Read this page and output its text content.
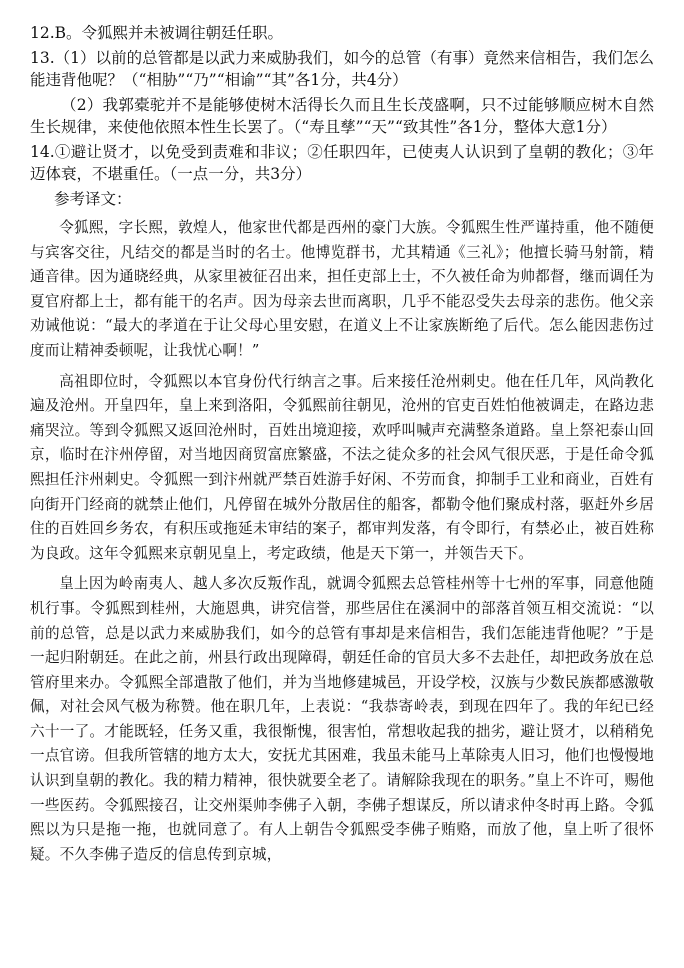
12.B。令狐熙并未被调往朝廷任职。

13.（1）以前的总管都是以武力来威胁我们，如今的总管（有事）竟然来信相告，我们怎么能违背他呢？（“相胁”“乃”“相谕”“其”各1分，共4分）

（2）我郭橐驼并不是能够使树木活得长久而且生长茂盛啊，只不过能够顺应树木自然生长规律，来使他依照本性生长罢了。（“寿且孳”“天”“致其性”各1分，整体大意1分）

14.①避让贤才，以免受到责难和非议；②任职四年，已使夷人认识到了皇朝的教化；③年迈体衰，不堪重任。（一点一分，共3分）

参考译文：

令狐熙，字长熙，敦煌人，他家世代都是西州的豪门大族。令狐熙生性严谨持重，他不随便与宾客交往，凡结交的都是当时的名士。他博览群书，尤其精通《三礼》；他擅长骑马射箭，精通音律。因为通晓经典，从家里被征召出来，担任吏部上士，不久被任命为帅都督，继而调任为夏官府都上士，都有能干的名声。因为母亲去世而离职，几乎不能忍受失去母亲的悲伤。他父亲劝诫他说：“最大的孝道在于让父母心里安慰，在道义上不让家族断绝了后代。怎么能因悲伤过度而让精神委顿呢，让我忧心啊！”

高祖即位时，令狐熙以本官身份代行纳言之事。后来接任沧州刺史。他在任几年，风尚教化遍及沧州。开皇四年，皇上来到洛阳，令狐熙前往朝见，沧州的官吏百姓怕他被调走，在路边悲痛哭泣。等到令狐熙又返回沧州时，百姓出境迎接，欢呼叫喊声充满整条道路。皇上祭祀泰山回京，临时在汴州停留，对当地因商贸富庶繁盛，不法之徒众多的社会风气很厌恶，于是任命令狐熙担任汴州刺史。令狐熙一到汴州就严禁百姓游手好闲、不劳而食，抑制手工业和商业，百姓有向街开门经商的就禁止他们，凡停留在城外分散居住的船客，都勒令他们聚成村落，驱赶外乡居住的百姓回乡务农，有积压或拖延未审结的案子，都审判发落，有令即行，有禁必止，被百姓称为良政。这年令狐熙来京朝见皇上，考定政绩，他是天下第一，并领告天下。

皇上因为岭南夷人、越人多次反叛作乱，就调令狐熙去总管桂州等十七州的军事，同意他随机行事。令狐熙到桂州，大施恩典，讲究信誉，那些居住在溪洞中的部落首领互相交流说：“以前的总管，总是以武力来威胁我们，如今的总管有事却是来信相告，我们怎能违背他呢？”于是一起归附朝廷。在此之前，州县行政出现障碍，朝廷任命的官员大多不去赴任，却把政务放在总管府里来办。令狐熙全部遣散了他们，并为当地修建城邑，开设学校，汉族与少数民族都感激敬佩，对社会风气极为称赞。他在职几年，上表说：“我恭寄岭表，到现在四年了。我的年纪已经六十一了。才能既轻，任务又重，我很惭愧，很害怕，常想收起我的拙劣，避让贤才，以稍稍免一点官谤。但我所管辖的地方太大，安抚尤其困难，我虽未能马上革除夷人旧习，他们也慢慢地认识到皇朝的教化。我的精力精神，很快就要全老了。请解除我现在的职务。”皇上不许可，赐他一些医药。令狐熙接召，让交州渠帅李佛子入朝，李佛子想谋反，所以请求仲冬时再上路。令狐熙以为只是拖一拖，也就同意了。有人上朝告令狐熙受李佛子贿赂，而放了他，皇上听了很怀疑。不久李佛子造反的信息传到京城，
